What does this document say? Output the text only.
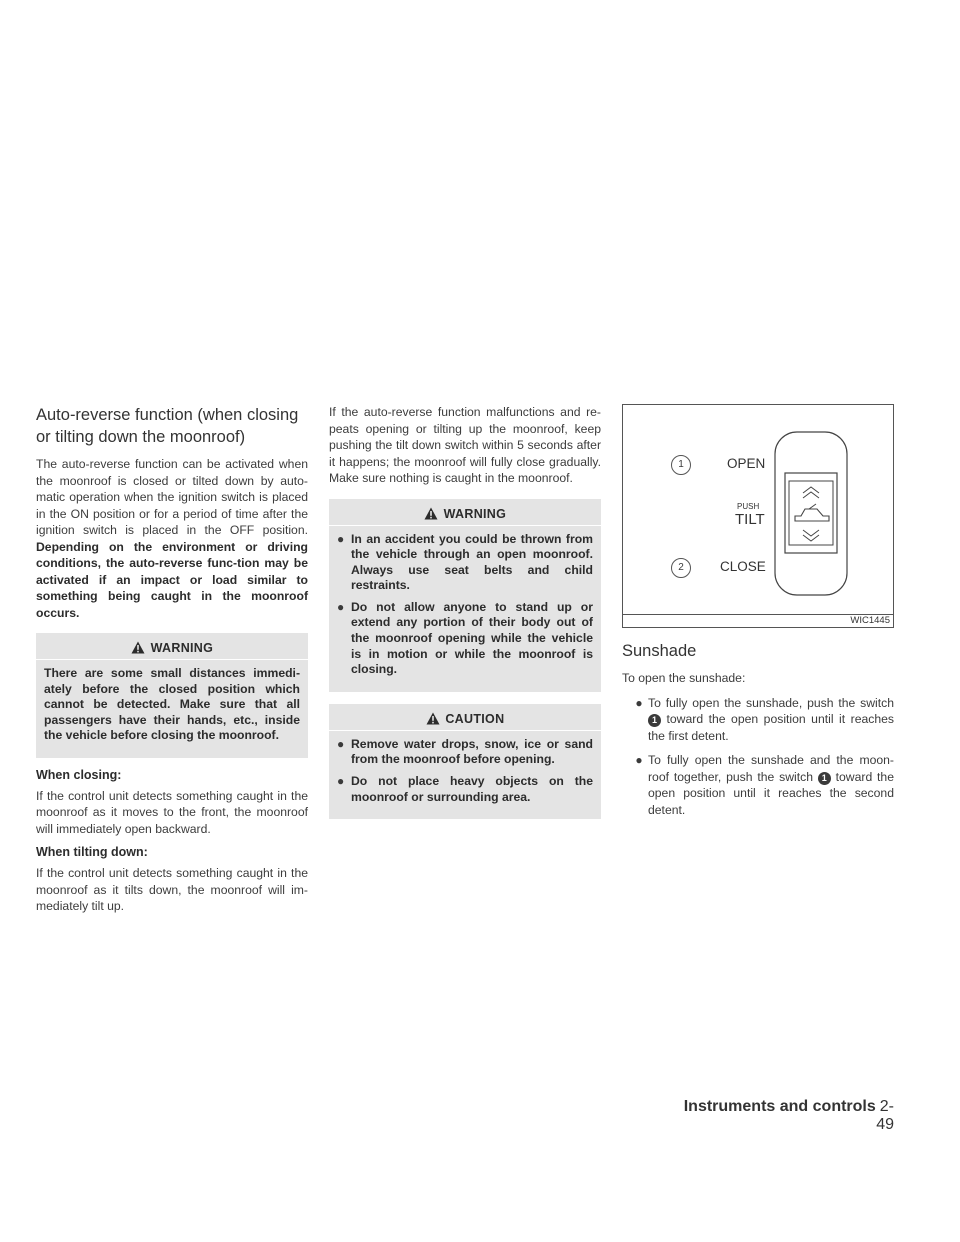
Auto-reverse function (when closing or tilting down the moonroof)

The auto-reverse function can be activated when the moonroof is closed or tilted down by auto-matic operation when the ignition switch is placed in the ON position or for a period of time after the ignition switch is placed in the OFF position. Depending on the environment or driving conditions, the auto-reverse func-tion may be activated if an impact or load similar to something being caught in the moonroof occurs.

WARNING

There are some small distances immedi-ately before the closed position which cannot be detected. Make sure that all passengers have their hands, etc., inside the vehicle before closing the moonroof.

When closing:

If the control unit detects something caught in the moonroof as it moves to the front, the moonroof will immediately open backward.

When tilting down:

If the control unit detects something caught in the moonroof as it tilts down, the moonroof will im-mediately tilt up.

If the auto-reverse function malfunctions and re-peats opening or tilting up the moonroof, keep pushing the tilt down switch within 5 seconds after it happens; the moonroof will fully close gradually. Make sure nothing is caught in the moonroof.

WARNING
● In an accident you could be thrown from the vehicle through an open moonroof. Always use seat belts and child restraints.
● Do not allow anyone to stand up or extend any portion of their body out of the moonroof opening while the vehicle is in motion or while the moonroof is closing.
CAUTION
● Remove water drops, snow, ice or sand from the moonroof before opening.
● Do not place heavy objects on the moonroof or surrounding area.
1	OPEN
PUSH
TILT
2	CLOSE
WIC1445
Sunshade

To open the sunshade:

● To fully open the sunshade, push the switch 1 toward the open position until it reaches the first detent.
● To fully open the sunshade and the moon-roof together, push the switch 1 toward the open position until it reaches the second detent.
Instruments and controls 2-49
